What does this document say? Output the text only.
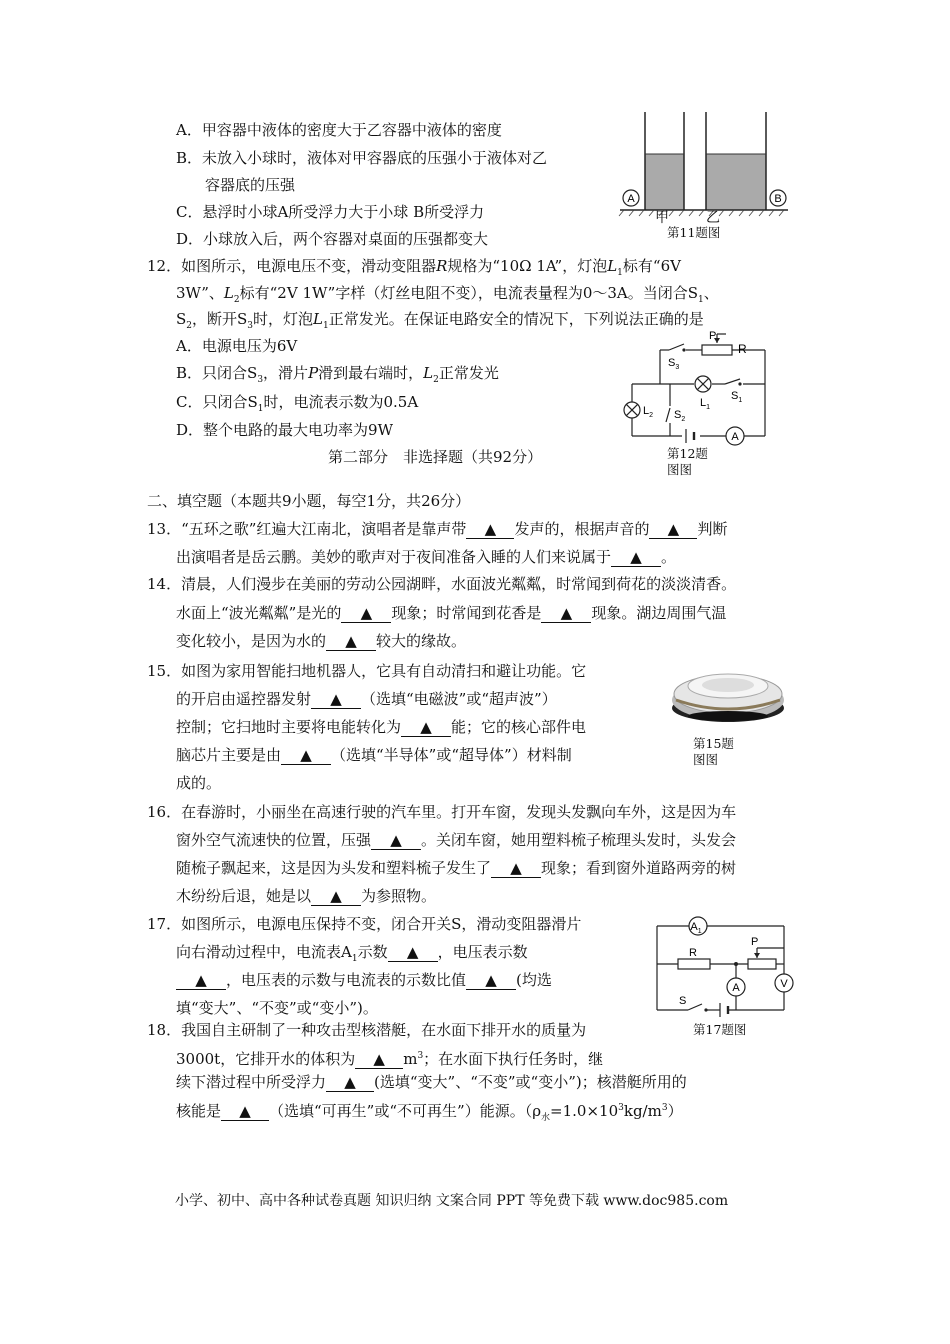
A．甲容器中液体的密度大于乙容器中液体的密度
B．未放入小球时，液体对甲容器底的压强小于液体对乙
容器底的压强
C．悬浮时小球A所受浮力大于小球 B所受浮力
D．小球放入后，两个容器对桌面的压强都变大
A	B
甲	乙
第11题图
12．如图所示，电源电压不变，滑动变阻器R规格为“10Ω 1A”，灯泡$L_1$标有“6V
3W”、$L_2$标有“2V 1W”字样（灯丝电阻不变），电流表量程为0～3A。当闭合$S_1$、
$S_2$，断开$S_3$时，灯泡$L_1$正常发光。在保证电路安全的情况下，下列说法正确的是
A．电源电压为6V
B．只闭合$S_3$，滑片P滑到最右端时，$L_2$正常发光
C．只闭合$S_1$时，电流表示数为0.5A
D．整个电路的最大电功率为9W	A
P
R
$S_3$
$L_1$
$S_1$
$L_2$ $S_2$
第12题
图图
第二部分　非选择题（共92分）
二、填空题（本题共9小题，每空1分，共26分）
13．“五环之歌”红遍大江南北，演唱者是靠声带 ▲ 发声的，根据声音的 ▲ 判断
出演唱者是岳云鹏。美妙的歌声对于夜间准备入睡的人们来说属于 ▲ 。
14．清晨，人们漫步在美丽的劳动公园湖畔，水面波光粼粼，时常闻到荷花的淡淡清香。
水面上“波光粼粼”是光的 ▲ 现象；时常闻到花香是 ▲ 现象。湖边周围气温
变化较小，是因为水的 ▲ 较大的缘故。
15．如图为家用智能扫地机器人，它具有自动清扫和避让功能。它
的开启由遥控器发射 ▲ （选填“电磁波”或“超声波”）
控制；它扫地时主要将电能转化为 ▲ 能；它的核心部件电
脑芯片主要是由 ▲ （选填“半导体”或“超导体”）材料制
成的。
第15题
图图
16．在春游时，小丽坐在高速行驶的汽车里。打开车窗，发现头发飘向车外，这是因为车
窗外空气流速快的位置，压强 ▲ 。关闭车窗，她用塑料梳子梳理头发时，头发会
随梳子飘起来，这是因为头发和塑料梳子发生了 ▲ 现象；看到窗外道路两旁的树
木纷纷后退，她是以 ▲ 为参照物。
17．如图所示，电源电压保持不变，闭合开关S，滑动变阻器滑片
向右滑动过程中，电流表$A_1$示数 ▲ ，电压表示数
▲ ，电压表的示数与电流表的示数比值 ▲ (均选
填“变大”、“不变”或“变小”)。
$A_1$
A	V
R
P
S
第17题图
18．我国自主研制了一种攻击型核潜艇，在水面下排开水的质量为
3000t，它排开水的体积为 ▲ $m^3$；在水面下执行任务时，继
续下潜过程中所受浮力 ▲ (选填“变大”、“不变”或“变小”)；核潜艇所用的
核能是 ▲ （选填“可再生”或“不可再生”）能源。$(\rho_水=1.0\times 10^3kg/m^3)$
小学、初中、高中各种试卷真题 知识归纳 文案合同 PPT 等免费下载 www.doc985.com
